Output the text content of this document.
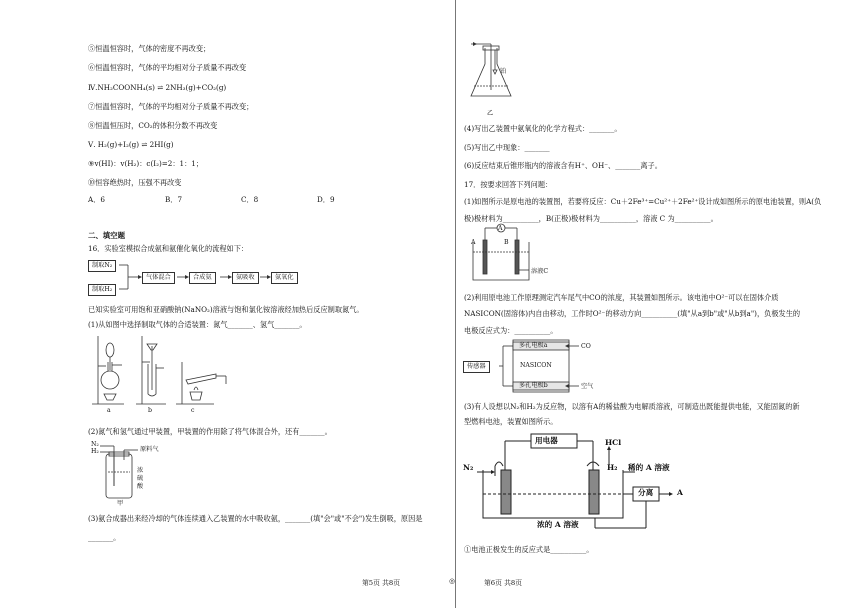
⑤恒温恒容时，气体的密度不再改变；
⑥恒温恒容时，气体的平均相对分子质量不再改变
Ⅳ.NH₂COONH₄(s) ⇌ 2NH₃(g)+CO₂(g)
⑦恒温恒容时，气体的平均相对分子质量不再改变；
⑧恒温恒压时，CO₂的体积分数不再改变
Ⅴ. H₂(g)+I₂(g) ⇌ 2HI(g)
⑨v(HI)：v(H₂)：c(I₂)=2：1：1；
⑩恒容绝热时，压强不再改变
A．6	B．7	C．8	D．9
二、填空题
16．实验室模拟合成氨和氨催化氧化的流程如下：
制取N₂
制取H₂
气体混合	合成氨	氨吸收	氨氧化
已知实验室可用饱和亚硝酸钠(NaNO₂)溶液与饱和氯化铵溶液经加热后反应制取氮气。
(1)从如图中选择制取气体的合适装置：氮气_______、氢气_______。
a	b	c
(2)氮气和氢气通过甲装置，甲装置的作用除了将气体混合外，还有_______。
N₂
H₂	原料气
浓
硫
酸
甲
(3)氨合成器出来经冷却的气体连续通入乙装置的水中吸收氨，_______(填"会"或"不会")发生倒吸，原因是
_______。
铂
乙
(4)写出乙装置中氨氧化的化学方程式：_______。
(5)写出乙中现象：_______
(6)反应结束后锥形瓶内的溶液含有H⁺、OH⁻、_______离子。
17．按要求回答下列问题：
(1)如图所示是原电池的装置图，若要将反应：Cu＋2Fe³⁺=Cu²⁺＋2Fe²⁺设计成如图所示的原电池装置，则A(负
极)极材料为__________，B(正极)极材料为__________，溶液 C 为__________。
A
A	B
溶液C
(2)利用原电池工作原理测定汽车尾气中CO的浓度，其装置如图所示。该电池中O²⁻可以在固体介质
NASICON(固溶体)内自由移动，工作时O²⁻的移动方向__________(填"从a到b"或"从b到a")，负极发生的
电极反应式为：__________。
传感器
多孔电极a
NASICON
多孔电极b
CO
空气
(3)有人设想以N₂和H₂为反应物，以溶有A的稀盐酸为电解质溶液，可制造出既能提供电能，又能固氮的新
型燃料电池，装置如图所示。
用电器	HCl
N₂	H₂ 稀的 A 溶液
分离	A
浓的 A 溶液
①电池正极发生的反应式是__________。
第5页 共8页	◎	第6页 共8页
